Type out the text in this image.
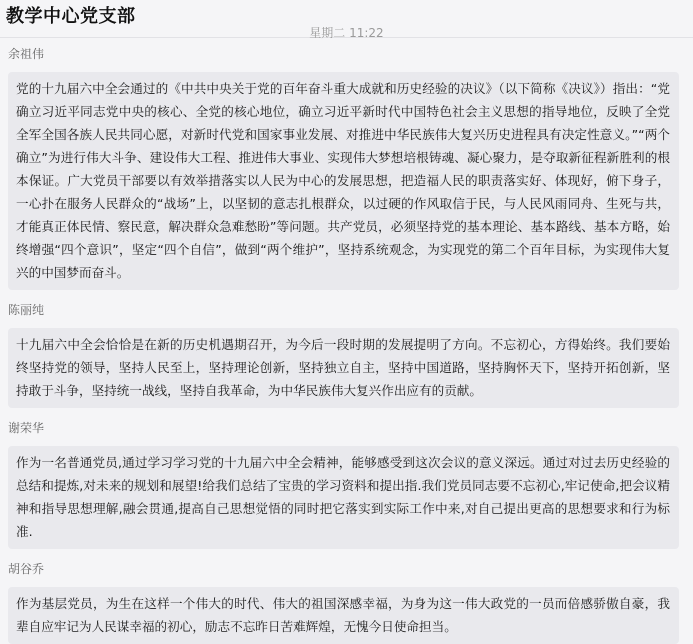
教学中心党支部
星期二 11:22
余祖伟
党的十九届六中全会通过的《中共中央关于党的百年奋斗重大成就和历史经验的决议》（以下简称《决议》）指出：“党确立习近平同志党中央的核心、全党的核心地位，确立习近平新时代中国特色社会主义思想的指导地位，反映了全党全军全国各族人民共同心愿，对新时代党和国家事业发展、对推进中华民族伟大复兴历史进程具有决定性意义。”“两个确立”为进行伟大斗争、建设伟大工程、推进伟大事业、实现伟大梦想培根铸魂、凝心聚力，是夺取新征程新胜利的根本保证。广大党员干部要以有效举措落实以人民为中心的发展思想，把造福人民的职责落实好、体现好，俯下身子，一心扑在服务人民群众的“战场”上，以坚韧的意志扎根群众，以过硬的作风取信于民，与人民风雨同舟、生死与共，才能真正体民情、察民意，解决群众急难愁盼”等问题。共产党员，必须坚持党的基本理论、基本路线、基本方略，始终增强“四个意识”，坚定“四个自信”，做到“两个维护”，坚持系统观念，为实现党的第二个百年目标，为实现伟大复兴的中国梦而奋斗。
陈丽纯
十九届六中全会恰恰是在新的历史机遇期召开，为今后一段时期的发展提明了方向。不忘初心，方得始终。我们要始终坚持党的领导，坚持人民至上，坚持理论创新，坚持独立自主，坚持中国道路，坚持胸怀天下，坚持开拓创新，坚持敢于斗争，坚持统一战线，坚持自我革命，为中华民族伟大复兴作出应有的贡献。
谢荣华
作为一名普通党员,通过学习学习党的十九届六中全会精神，能够感受到这次会议的意义深远。通过对过去历史经验的总结和提炼,对未来的规划和展望!给我们总结了宝贵的学习资料和提出指.我们党员同志要不忘初心,牢记使命,把会议精神和指导思想理解,融会贯通,提高自己思想觉悟的同时把它落实到实际工作中来,对自己提出更高的思想要求和行为标准.
胡谷乔
作为基层党员，为生在这样一个伟大的时代、伟大的祖国深感幸福，为身为这一伟大政党的一员而倍感骄傲自豪，我辈自应牢记为人民谋幸福的初心，励志不忘昨日苦难辉煌，无愧今日使命担当。
